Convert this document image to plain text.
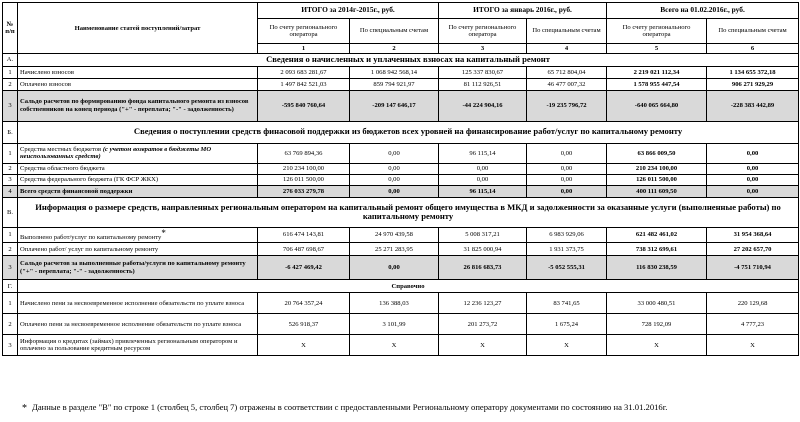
№ п/п	Наименование статей поступлений/затрат	ИТОГО за 2014г-2015г., руб.		ИТОГО за январь 2016г., руб.		Всего на 01.02.2016г., руб.		
		По счету регионального оператора	По специальным счетам	По счету регионального оператора	По специальным счетам	По счету регионального оператора	По специальным счетам	
		1	2	3	4	5	6		
А.	Сведения о начисленных и уплаченных взносах на капитальный ремонт							
1	Начислено взносов	2 093 683 281,67	1 068 942 568,14	125 337 830,67	65 712 804,04	2 219 021 112,34	1 134 655 372,18	
2	Оплачено взносов	1 497 842 521,03	859 794 921,97	81 112 926,51	46 477 007,32	1 578 955 447,54	906 271 929,29	
3	Сальдо расчетов по формированию фонда капитального ремонта из взносов собственников на конец периода ("+" - переплата; "-" - задолженность)	-595 840 760,64	-209 147 646,17	-44 224 904,16	-19 235 796,72	-640 065 664,80	-228 383 442,89	
Б.	Сведения о поступлении средств финасовой поддержки из бюджетов всех уровней на финансирование работ/услуг по капитальному ремонту							
1	Средства местных бюджетов (с учетом возвратов в бюджеты МО неиспользованных средств)	63 769 894,36	0,00	96 115,14	0,00	63 866 009,50	0,00	
2	Средства областного бюджета	210 234 100,00	0,00	0,00	0,00	210 234 100,00	0,00	
3	Средства федерального бюджета (ГК ФСР ЖКХ)	126 011 500,00	0,00	0,00	0,00	126 011 500,00	0,00	
4	Всего средств финансовой поддержки	276 033 279,78	0,00	96 115,14	0,00	400 111 609,50	0,00	
В.	Информация о размере средств, направленных региональным оператором на капитальный ремонт общего имущества в МКД и задолженности за оказанные услуги (выполненные работы) по капитальному ремонту							
1	Выполнено работ/услуг по капитальному ремонту*	616 474 143,81	24 970 439,58	5 008 317,21	6 983 929,06	621 482 461,02	31 954 368,64	
2	Оплачено работ/ услуг по капитальному ремонту	706 487 698,67	25 271 283,95	31 825 000,94	1 931 373,75	738 312 699,61	27 202 657,70	
3	Сальдо расчетов за выполненные работы/услуги по капитальному ремонту ("+" - переплата; "-" - задолженность)	-6 427 469,42	0,00	26 816 683,73	-5 052 555,31	116 830 238,59	-4 751 710,94	
Г.	Справочно							
1	Начислено пени за несвоевременное исполнение обязательств по уплате взноса	20 764 357,24	136 388,03	12 236 123,27	83 741,65	33 000 480,51	220 129,68	
2	Оплачено пени за несвоевременное исполнение обязательств по уплате взноса	526 918,37	3 101,99	201 273,72	1 675,24	728 192,09	4 777,23	
3	Информация о кредитах (займах) привлеченных региональным оператором и оплачено за пользование кредитным ресурсом	X	X	X	X	X	X	
* Данные в разделе "В" по строке 1 (столбец 5, столбец 7) отражены в соответствии с предоставленными Региональному оператору документами по состоянию на 31.01.2016г.
